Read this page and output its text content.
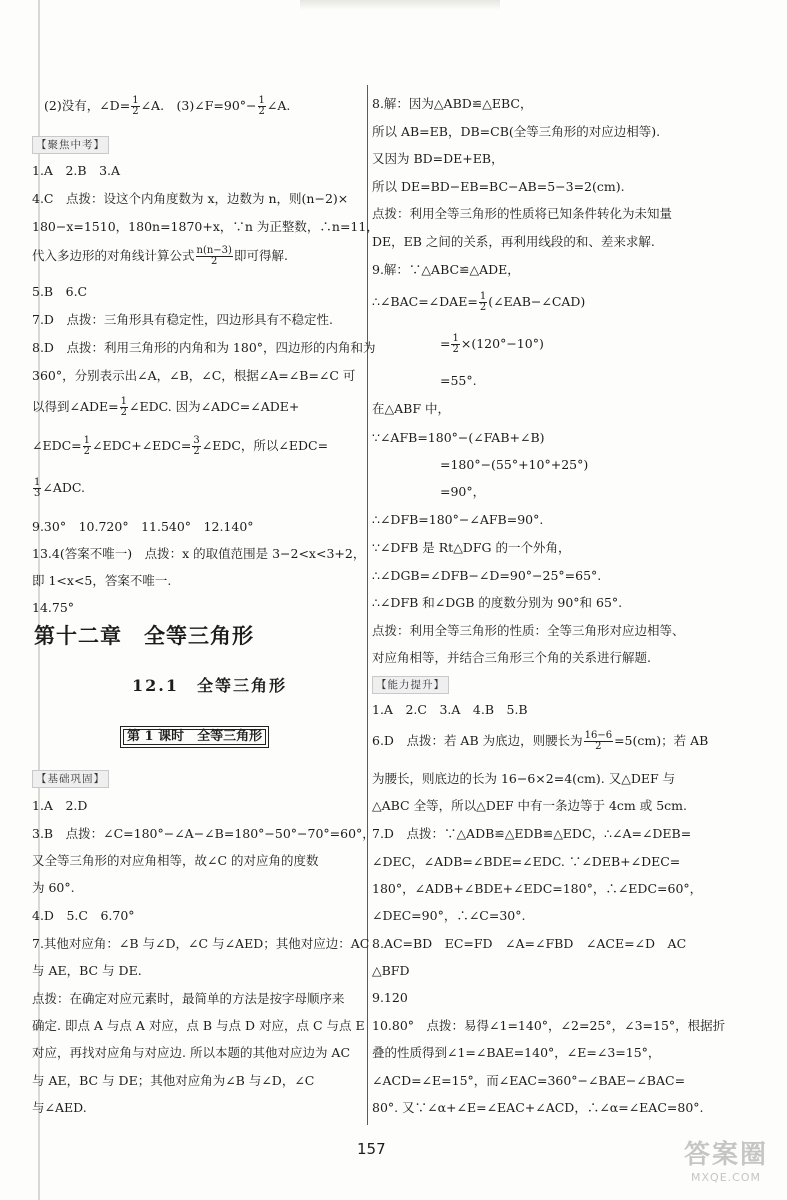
(2)没有，∠D= $\frac{1}{2}$ ∠A.　(3)∠F=90°− $\frac{1}{2}$ ∠A.
【聚焦中考】
1.A　2.B　3.A
4.C　点拨：设这个内角度数为 x，边数为 n，则(n−2)×
180−x=1510，180n=1870+x，∵n 为正整数，∴n=11，
代入多边形的对角线计算公式 $\frac{n(n-3)}{2}$ 即可得解.
5.B　6.C
7.D　点拨：三角形具有稳定性，四边形具有不稳定性.
8.D　点拨：利用三角形的内角和为 180°，四边形的内角和为
360°，分别表示出∠A，∠B，∠C，根据∠A=∠B=∠C 可
以得到∠ADE= $\frac{1}{2}$ ∠EDC. 因为∠ADC=∠ADE+
∠EDC= $\frac{1}{2}$ ∠EDC+∠EDC= $\frac{3}{2}$ ∠EDC，所以∠EDC=
$\frac{1}{3}$ ∠ADC.
9.30°　10.720°　11.540°　12.140°
13.4(答案不唯一)　点拨：x 的取值范围是 3−2<x<3+2，
即 1<x<5，答案不唯一.
14.75°
第十二章　全等三角形
12.1　全等三角形
第 1 课时　全等三角形
【基础巩固】
1.A　2.D
3.B　点拨：∠C=180°−∠A−∠B=180°−50°−70°=60°，
又全等三角形的对应角相等，故∠C 的对应角的度数
为 60°.
4.D　5.C　6.70°
7.其他对应角：∠B 与∠D，∠C 与∠AED；其他对应边：AC
与 AE，BC 与 DE.
点拨：在确定对应元素时，最简单的方法是按字母顺序来
确定. 即点 A 与点 A 对应，点 B 与点 D 对应，点 C 与点 E
对应，再找对应角与对应边. 所以本题的其他对应边为 AC
与 AE，BC 与 DE；其他对应角为∠B 与∠D，∠C
与∠AED.
8.解：因为△ABD≌△EBC，
所以 AB=EB，DB=CB(全等三角形的对应边相等).
又因为 BD=DE+EB，
所以 DE=BD−EB=BC−AB=5−3=2(cm).
点拨：利用全等三角形的性质将已知条件转化为未知量
DE，EB 之间的关系，再利用线段的和、差来求解.
9.解：∵△ABC≌△ADE，
∴∠BAC=∠DAE= $\frac{1}{2}$ (∠EAB−∠CAD)
= $\frac{1}{2} \times(120^\circ-10^\circ)$
=55°.
在△ABF 中，
∵∠AFB=180°−(∠FAB+∠B)
=180°−(55°+10°+25°)
=90°，
∴∠DFB=180°−∠AFB=90°.
∵∠DFB 是 Rt△DFG 的一个外角，
∴∠DGB=∠DFB−∠D=90°−25°=65°.
∴∠DFB 和∠DGB 的度数分别为 90°和 65°.
点拨：利用全等三角形的性质：全等三角形对应边相等、
对应角相等，并结合三角形三个角的关系进行解题.
【能力提升】
1.A　2.C　3.A　4.B　5.B
6.D　点拨：若 AB 为底边，则腰长为 $\frac{16-6}{2} =5(cm)$；若 AB
为腰长，则底边的长为 16−6×2=4(cm). 又△DEF 与
△ABC 全等，所以△DEF 中有一条边等于 4cm 或 5cm.
7.D　点拨：∵△ADB≌△EDB≌△EDC，∴∠A=∠DEB=
∠DEC，∠ADB=∠BDE=∠EDC. ∵∠DEB+∠DEC=
180°，∠ADB+∠BDE+∠EDC=180°，∴∠EDC=60°，
∠DEC=90°，∴∠C=30°.
8.AC=BD　EC=FD　∠A=∠FBD　∠ACE=∠D　AC
△BFD
9.120
10.80°　点拨：易得∠1=140°，∠2=25°，∠3=15°，根据折
叠的性质得到∠1=∠BAE=140°，∠E=∠3=15°，
∠ACD=∠E=15°，而∠EAC=360°−∠BAE−∠BAC=
80°. 又∵∠α+∠E=∠EAC+∠ACD，∴∠α=∠EAC=80°.
157	答案圈
MXQE.COM
